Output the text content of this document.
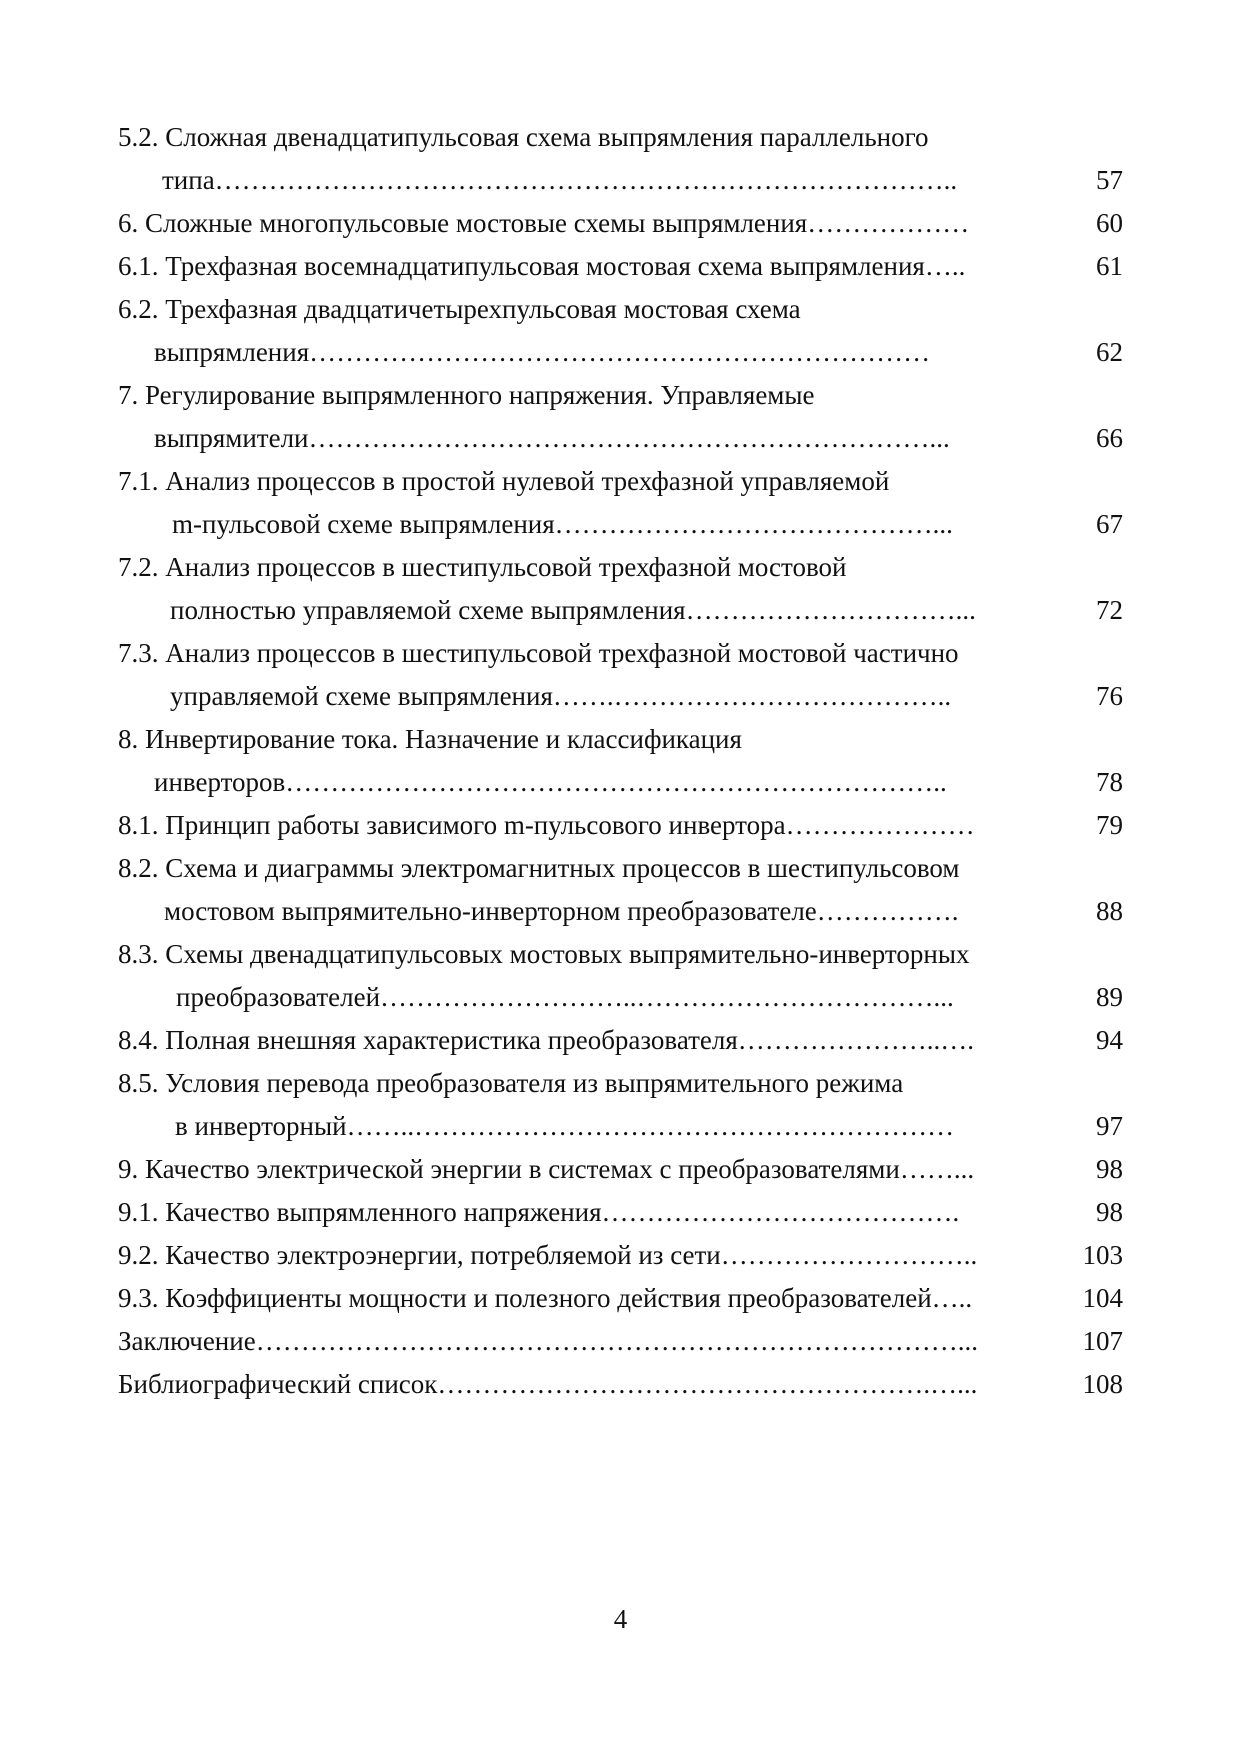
5.2. Сложная двенадцатипульсовая схема выпрямления параллельного
типа………………………………………………………………………..	57
6. Сложные многопульсовые мостовые схемы выпрямления………………	60
6.1. Трехфазная восемнадцатипульсовая мостовая схема выпрямления…..	61
6.2. Трехфазная двадцатичетырехпульсовая мостовая схема
выпрямления……………………………………………………………	62
7. Регулирование выпрямленного напряжения. Управляемые
выпрямители……………………………………………………………...	66
7.1. Анализ процессов в простой нулевой трехфазной управляемой
m-пульсовой схеме выпрямления……………………………………...	67
7.2. Анализ процессов в шестипульсовой трехфазной мостовой
полностью управляемой схеме выпрямления…………………………...	72
7.3. Анализ процессов в шестипульсовой трехфазной мостовой частично
управляемой схеме выпрямления…….………………………………..	76
8. Инвертирование тока. Назначение и классификация
инверторов………………………………………………………………..	78
8.1. Принцип работы зависимого m-пульсового инвертора…………………	79
8.2. Схема и диаграммы электромагнитных процессов в шестипульсовом
мостовом выпрямительно-инверторном преобразователе…………….	88
8.3. Схемы двенадцатипульсовых мостовых выпрямительно-инверторных
преобразователей………………………..……………………………...	89
8.4. Полная внешняя характеристика преобразователя…………………..….	94
8.5. Условия перевода преобразователя из выпрямительного режима
в инверторный……..……………………………………………………	97
9. Качество электрической энергии в системах с преобразователями……...	98
9.1. Качество выпрямленного напряжения………………………………….	98
9.2. Качество электроэнергии, потребляемой из сети………………………..	103
9.3. Коэффициенты мощности и полезного действия преобразователей…..	104
Заключение……………………………………………………………………...	107
Библиографический список……………………………………………….…...	108
4
